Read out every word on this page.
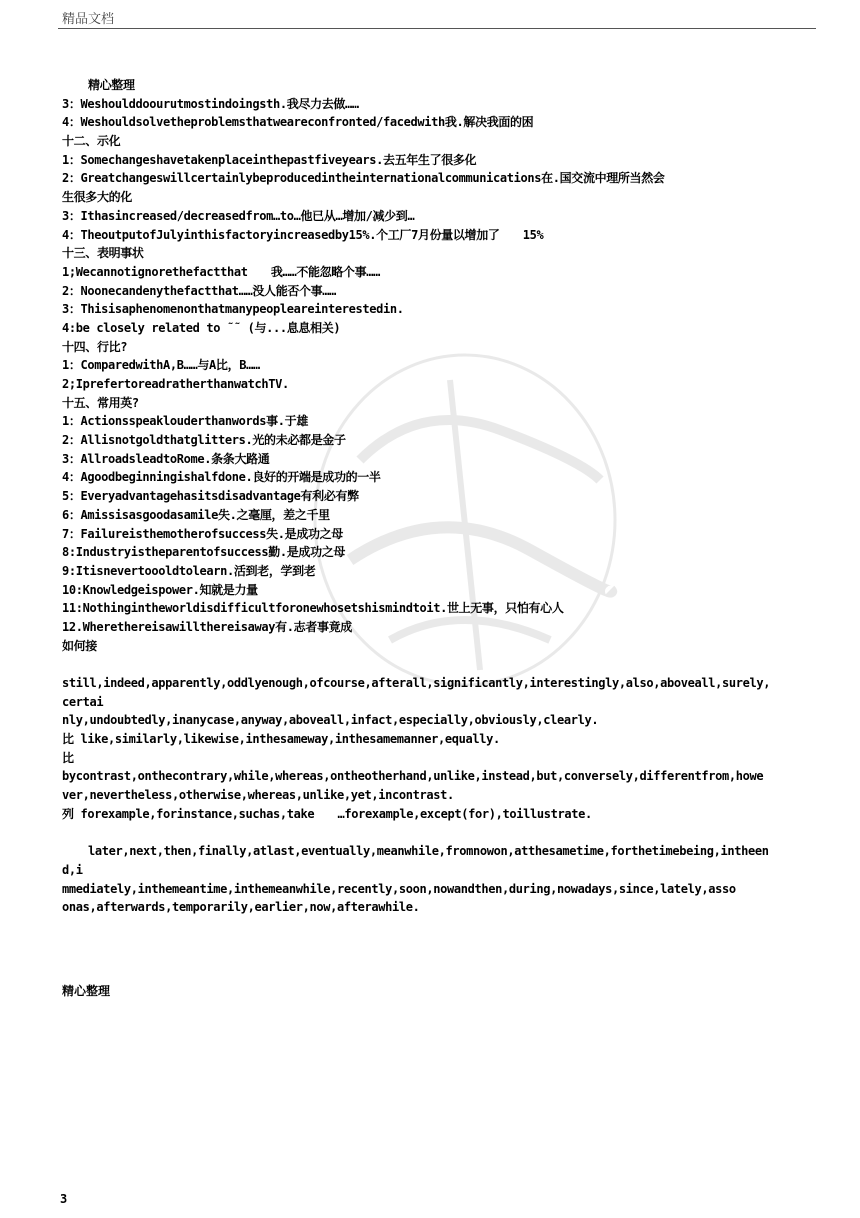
精品文档
精心整理
3：Weshoulddoourutmostindoingsth.我尽力去做……
4：Weshouldsolvetheproblemsthatweareconfronted/facedwith我.解决我面的困
十二、示化
1：Somechangeshavetakenplaceinthepastfiveyears.去五年生了很多化
2：Greatchangeswillcertainlybeproducedintheinternationalcommunications在.国交流中理所当然会
生很多大的化
3：Ithasincreased/decreasedfrom…to…他已从…增加/减少到…
4：TheoutputofJulyinthisfactoryincreasedby15%.个工厂7月份量以增加了　　15%
十三、表明事状
1;Wecannotignorethefactthat　　我……不能忽略个事……
2：Noonecandenythefactthat……没人能否个事……
3：Thisisaphenomenonthatmanypeopleareinterestedin.
4:be closely related to ˜˜ (与...息息相关)
十四、行比?
1：ComparedwithA,B……与A比，B……
2;IprefertoreadratherthanwatchTV.
十五、常用英?
1：Actionsspeaklouderthanwords事.于雄
2：Allisnotgoldthatglitters.光的未必都是金子
3：AllroadsleadtoRome.条条大路通
4：Agoodbeginningishalfdone.良好的开端是成功的一半
5：Everyadvantagehasitsdisadvantage有利必有弊
6：Amissisasgoodasamile失.之毫厘，差之千里
7：Failureisthemotherofsuccess失.是成功之母
8:Industryistheparentofsuccess勤.是成功之母
9:Itisnevertoooldtolearn.活到老，学到老
10:Knowledgeispower.知就是力量
11:Nothingintheworldisdifficultforonewhosetshismindtoit.世上无事，只怕有心人
12.Wherethereisawillthereisaway有.志者事竟成
如何接
still,indeed,apparently,oddlyenough,ofcourse,afterall,significantly,interestingly,also,aboveall,surely,
certai
nly,undoubtedly,inanycase,anyway,aboveall,infact,especially,obviously,clearly.
比 like,similarly,likewise,inthesameway,inthesamemanner,equally.
比
bycontrast,onthecontrary,while,whereas,ontheotherhand,unlike,instead,but,conversely,differentfrom,howe
ver,nevertheless,otherwise,whereas,unlike,yet,incontrast.
列 forexample,forinstance,suchas,take　　…forexample,except(for),toillustrate.
later,next,then,finally,atlast,eventually,meanwhile,fromnowon,atthesametime,forthetimebeing,intheen
d,i
mmediately,inthemeantime,inthemeanwhile,recently,soon,nowandthen,during,nowadays,since,lately,asso
onas,afterwards,temporarily,earlier,now,afterawhile.
精心整理
3
